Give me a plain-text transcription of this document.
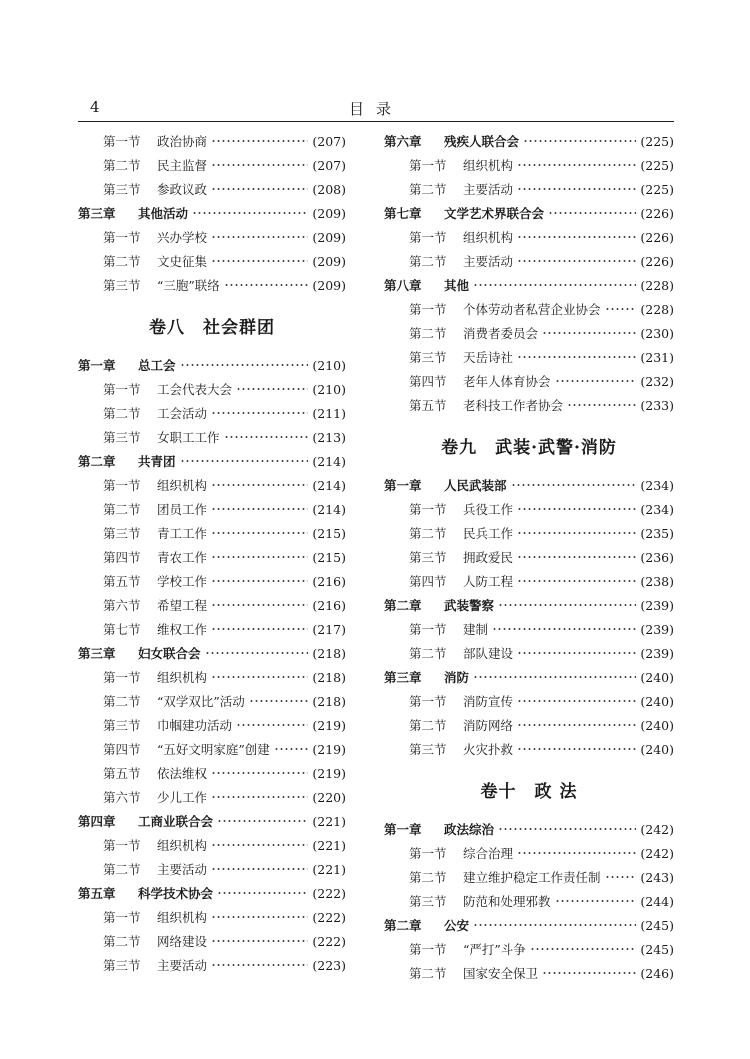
4	目录
第一节	政治协商	(207)
第二节	民主监督	(207)
第三节	参政议政	(208)
第三章	其他活动	(209)
第一节	兴办学校	(209)
第二节	文史征集	(209)
第三节	“三胞”联络	(209)
卷八 社会群团
第一章	总工会	(210)
第一节	工会代表大会	(210)
第二节	工会活动	(211)
第三节	女职工工作	(213)
第二章	共青团	(214)
第一节	组织机构	(214)
第二节	团员工作	(214)
第三节	青工工作	(215)
第四节	青农工作	(215)
第五节	学校工作	(216)
第六节	希望工程	(216)
第七节	维权工作	(217)
第三章	妇女联合会	(218)
第一节	组织机构	(218)
第二节	“双学双比”活动	(218)
第三节	巾帼建功活动	(219)
第四节	“五好文明家庭”创建	(219)
第五节	依法维权	(219)
第六节	少儿工作	(220)
第四章	工商业联合会	(221)
第一节	组织机构	(221)
第二节	主要活动	(221)
第五章	科学技术协会	(222)
第一节	组织机构	(222)
第二节	网络建设	(222)
第三节	主要活动	(223)
第六章	残疾人联合会	(225)
第一节	组织机构	(225)
第二节	主要活动	(225)
第七章	文学艺术界联合会	(226)
第一节	组织机构	(226)
第二节	主要活动	(226)
第八章	其他	(228)
第一节	个体劳动者私营企业协会	(228)
第二节	消费者委员会	(230)
第三节	天岳诗社	(231)
第四节	老年人体育协会	(232)
第五节	老科技工作者协会	(233)
卷九 武装·武警·消防
第一章	人民武装部	(234)
第一节	兵役工作	(234)
第二节	民兵工作	(235)
第三节	拥政爱民	(236)
第四节	人防工程	(238)
第二章	武装警察	(239)
第一节	建制	(239)
第二节	部队建设	(239)
第三章	消防	(240)
第一节	消防宣传	(240)
第二节	消防网络	(240)
第三节	火灾扑救	(240)
卷十 政 法
第一章	政法综治	(242)
第一节	综合治理	(242)
第二节	建立维护稳定工作责任制	(243)
第三节	防范和处理邪教	(244)
第二章	公安	(245)
第一节	“严打”斗争	(245)
第二节	国家安全保卫	(246)
